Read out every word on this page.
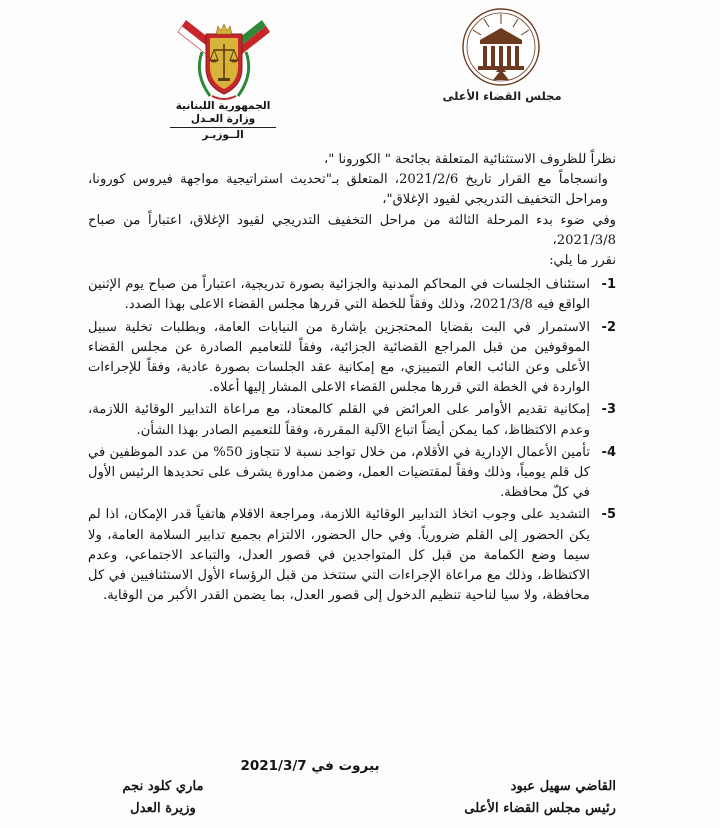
الجمهورية اللبنانية
وزارة العـدل
الــوزيـر
مجلس القضاء الأعلى

نظراً للظروف الاستثنائية المتعلقة بجائحة " الكورونا "،

وانسجاماً مع القرار تاريخ 2021/2/6، المتعلق بـ"تحديث استراتيجية مواجهة فيروس كورونا، ومراحل التخفيف التدريجي لقيود الإغلاق"،

وفي ضوء بدء المرحلة الثالثة من مراحل التخفيف التدريجي لقيود الإغلاق، اعتباراً من صباح 2021/3/8،

نقرر ما يلي:

1-
استئناف الجلسات في المحاكم المدنية والجزائية بصورة تدريجية، اعتباراً من صباح يوم الإثنين الواقع فيه 2021/3/8، وذلك وفقاً للخطة التي قررها مجلس القضاء الاعلى بهذا الصدد.
2-
الاستمرار في البت بقضايا المحتجزين بإشارة من النيابات العامة، وبطلبات تخلية سبيل الموقوفين من قبل المراجع القضائية الجزائية، وفقاً للتعاميم الصادرة عن مجلس القضاء الأعلى وعن النائب العام التمييزي، مع إمكانية عقد الجلسات بصورة عادية، وفقاً للإجراءات الواردة في الخطة التي قررها مجلس القضاء الاعلى المشار إليها أعلاه.
3-
إمكانية تقديم الأوامر على العرائض في القلم كالمعتاد، مع مراعاة التدابير الوقائية اللازمة، وعدم الاكتظاظ، كما يمكن أيضاً اتباع الآلية المقررة، وفقاً للتعميم الصادر بهذا الشأن.
4-
تأمين الأعمال الإدارية في الأقلام، من خلال تواجد نسبة لا تتجاوز 50% من عدد الموظفين في كل قلم يومياً، وذلك وفقاً لمقتضيات العمل، وضمن مداورة يشرف على تحديدها الرئيس الأول في كلّ محافظة.
5-
التشديد على وجوب اتخاذ التدابير الوقائية اللازمة، ومراجعة الاقلام هاتفياً قدر الإمكان، اذا لم يكن الحضور إلى القلم ضرورياً. وفي حال الحضور، الالتزام بجميع تدابير السلامة العامة، ولا سيما وضع الكمامة من قبل كل المتواجدين في قصور العدل، والتباعد الاجتماعي، وعدم الاكتظاظ، وذلك مع مراعاة الإجراءات التي ستتخذ من قبل الرؤساء الأول الاستئنافيين في كل محافظة، ولا سيا لناحية تنظيم الدخول إلى قصور العدل، بما يضمن القدر الأكبر من الوقاية.
بيروت في 2021/3/7
القاضي سهيل عبود
رئيس مجلس القضاء الأعلى
ماري كلود نجم
وزيرة العدل
